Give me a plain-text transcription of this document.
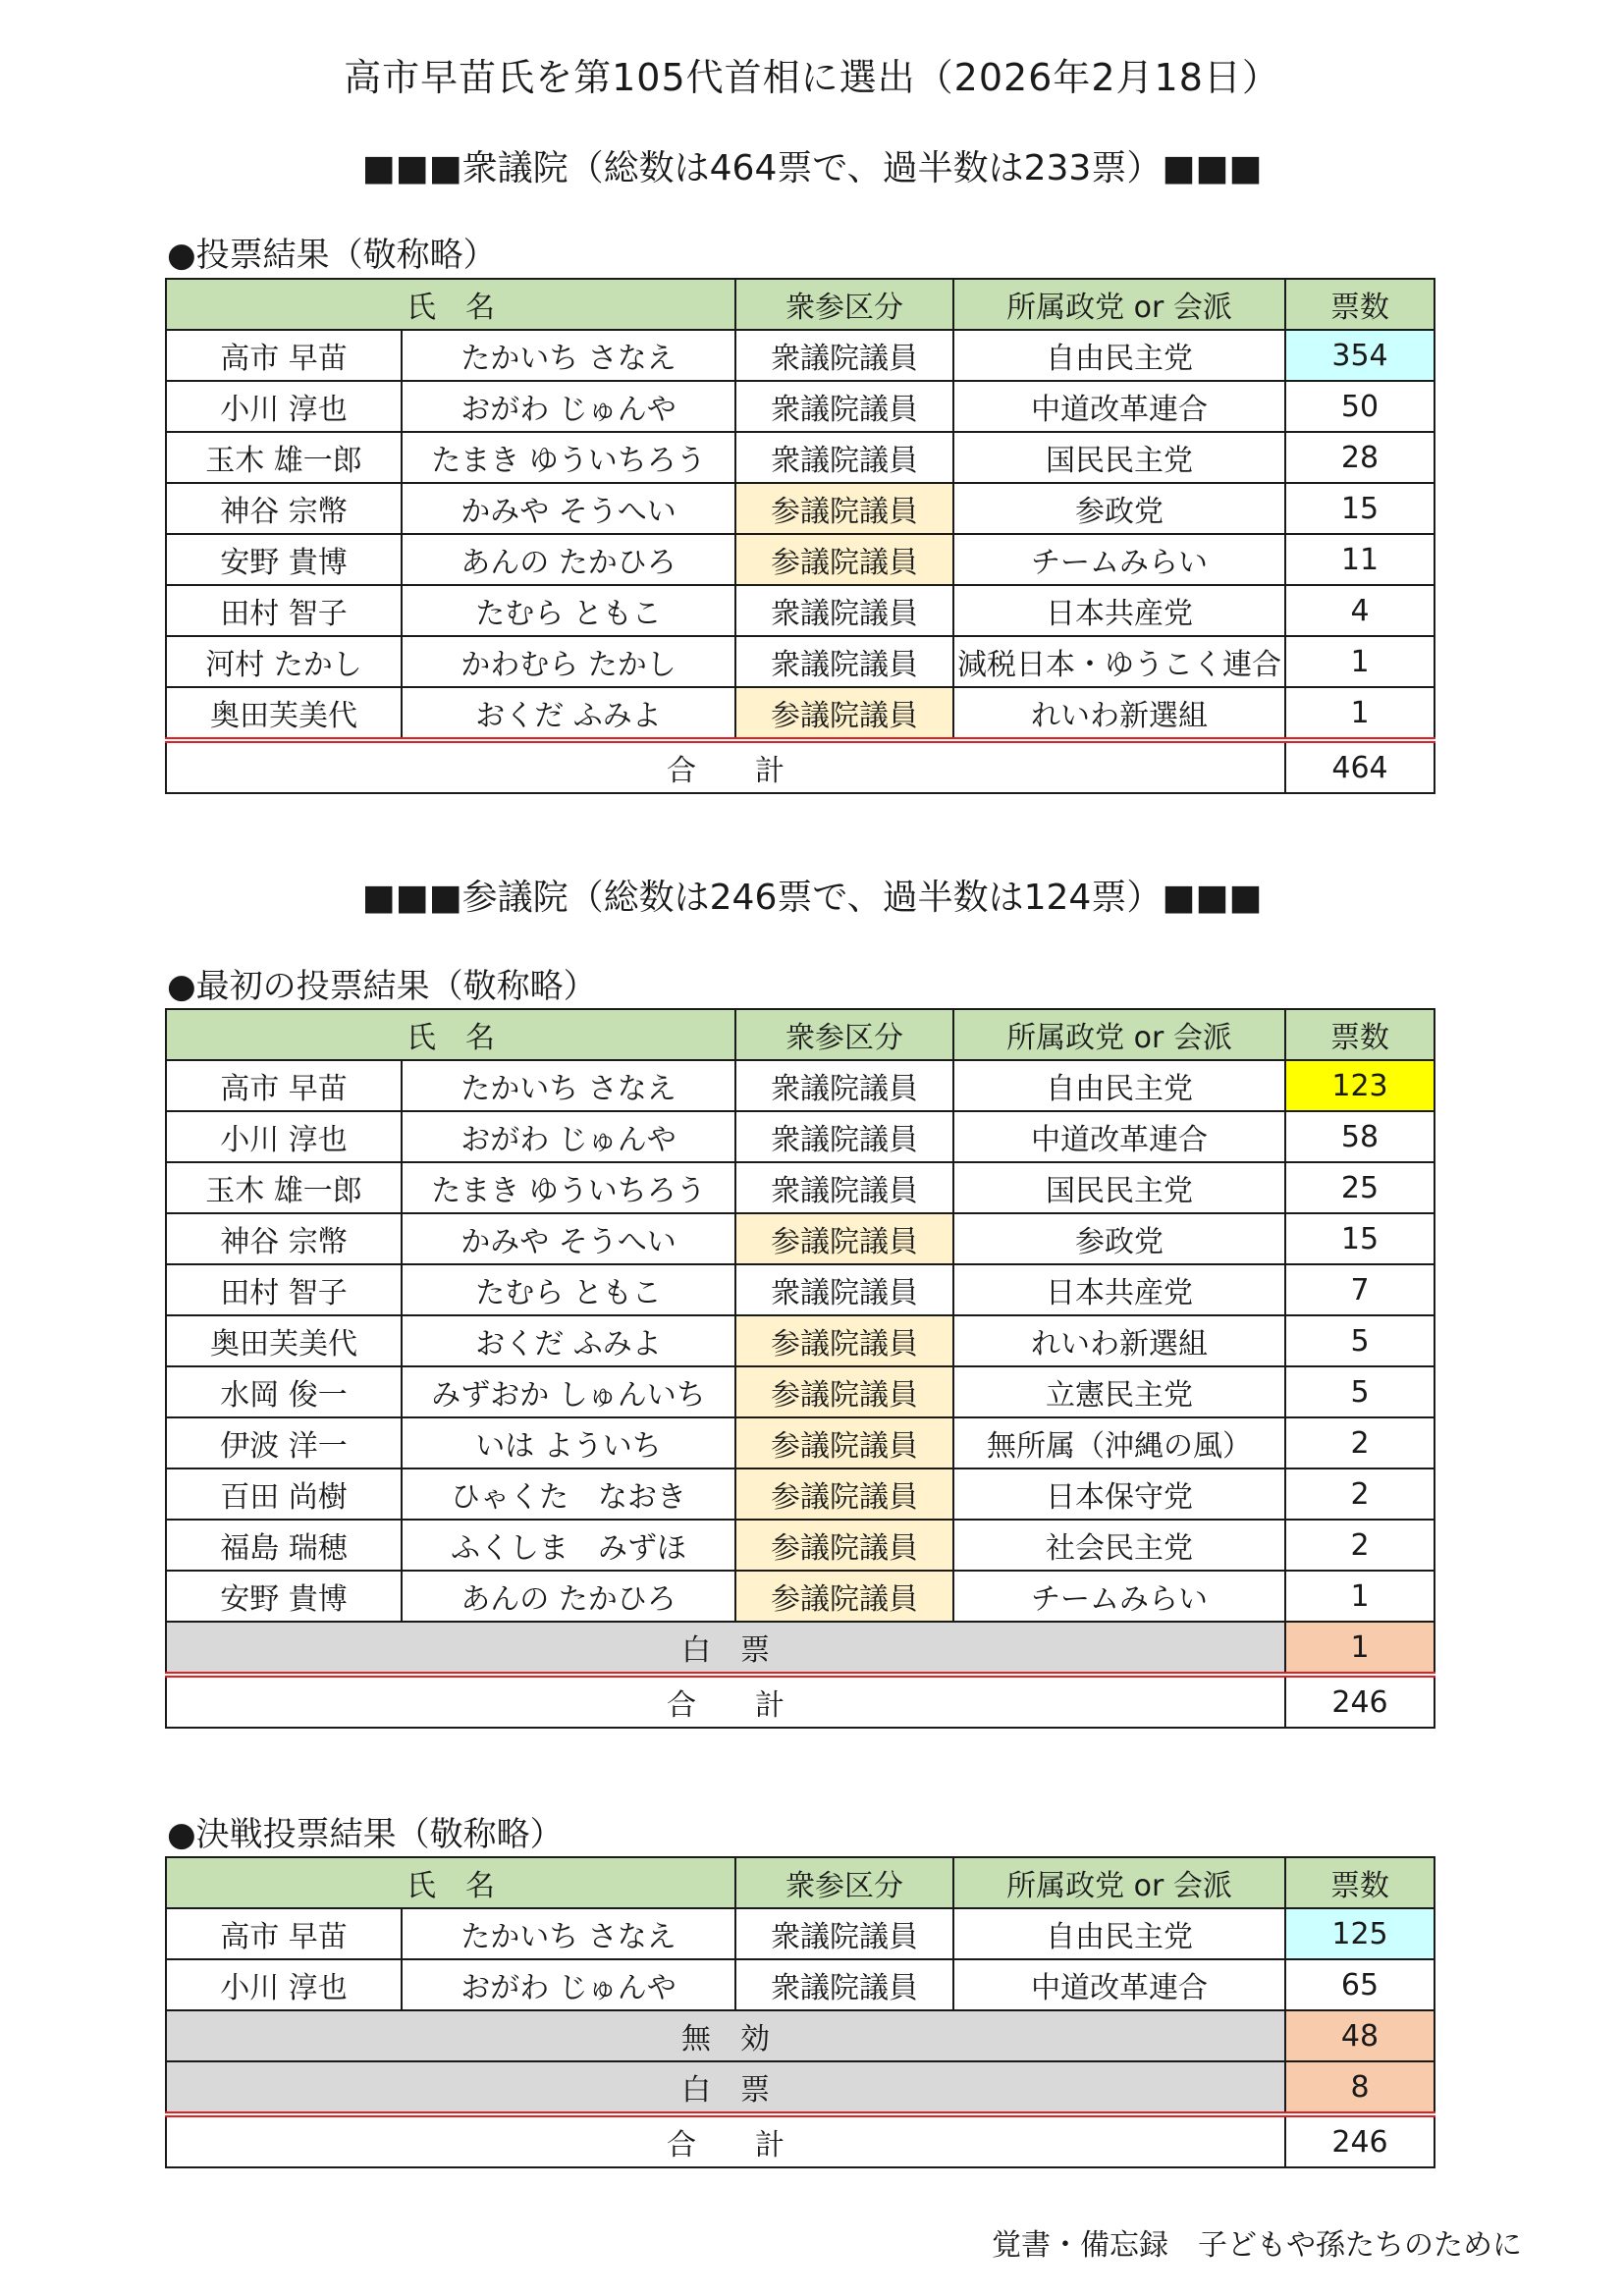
高市早苗氏を第105代首相に選出（2026年2月18日）
■■■衆議院（総数は464票で、過半数は233票）■■■
●投票結果（敬称略）
氏　名		衆参区分	所属政党 or 会派	票数
高市 早苗	たかいち さなえ	衆議院議員	自由民主党	354
小川 淳也	おがわ じゅんや	衆議院議員	中道改革連合	50
玉木 雄一郎	たまき ゆういちろう	衆議院議員	国民民主党	28
神谷 宗幣	かみや そうへい	参議院議員	参政党	15
安野 貴博	あんの たかひろ	参議院議員	チームみらい	11
田村 智子	たむら ともこ	衆議院議員	日本共産党	4
河村 たかし	かわむら たかし	衆議院議員	減税日本・ゆうこく連合	1
奥田芙美代	おくだ ふみよ	参議院議員	れいわ新選組	1
合　　計				464
■■■参議院（総数は246票で、過半数は124票）■■■
●最初の投票結果（敬称略）
氏　名		衆参区分	所属政党 or 会派	票数
高市 早苗	たかいち さなえ	衆議院議員	自由民主党	123
小川 淳也	おがわ じゅんや	衆議院議員	中道改革連合	58
玉木 雄一郎	たまき ゆういちろう	衆議院議員	国民民主党	25
神谷 宗幣	かみや そうへい	参議院議員	参政党	15
田村 智子	たむら ともこ	衆議院議員	日本共産党	7
奥田芙美代	おくだ ふみよ	参議院議員	れいわ新選組	5
水岡 俊一	みずおか しゅんいち	参議院議員	立憲民主党	5
伊波 洋一	いは よういち	参議院議員	無所属（沖縄の風）	2
百田 尚樹	ひゃくた　なおき	参議院議員	日本保守党	2
福島 瑞穂	ふくしま　みずほ	参議院議員	社会民主党	2
安野 貴博	あんの たかひろ	参議院議員	チームみらい	1
白　票				1
合　　計				246
●決戦投票結果（敬称略）
氏　名		衆参区分	所属政党 or 会派	票数
高市 早苗	たかいち さなえ	衆議院議員	自由民主党	125
小川 淳也	おがわ じゅんや	衆議院議員	中道改革連合	65
無　効				48
白　票				8
合　　計				246
覚書・備忘録　子どもや孫たちのために
